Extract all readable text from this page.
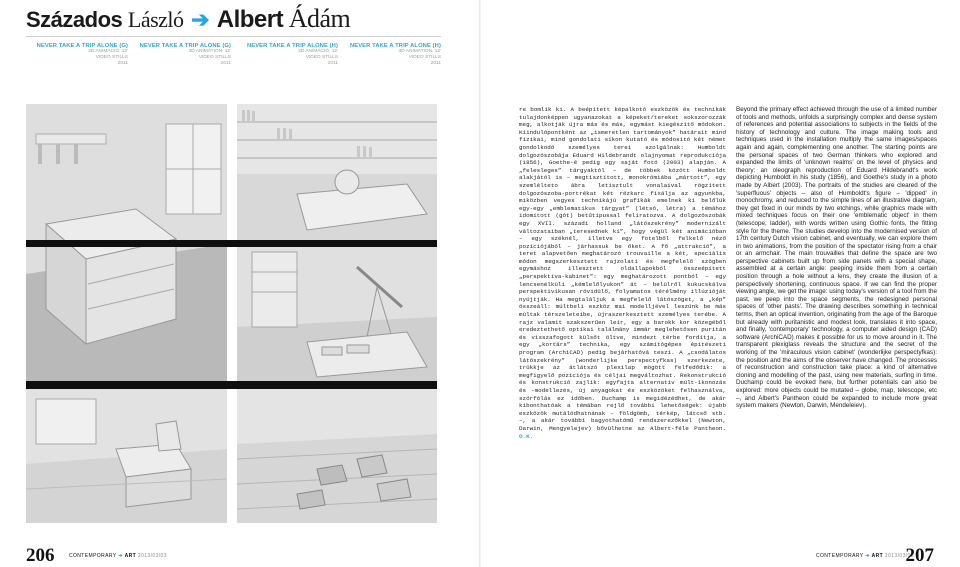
Százados László ➔ Albert Ádám
NEVER TAKE A TRIP ALONE (G)
3D ANIMÁCIÓ, 12'
VIDEO STILLS
2011
NEVER TAKE A TRIP ALONE (G)
3D ANIMATION, 12'
VIDEO STILLS
2011
NEVER TAKE A TRIP ALONE (H)
3D ANIMÁCIÓ, 12'
VIDEO STILLS
2011
NEVER TAKE A TRIP ALONE (H)
3D ANIMATION, 12'
VIDEO STILLS
2011

re bomlik ki. A beépített képalkotó eszközök és technikák tulajdonképpen ugyanazokat a képeket/tereket sokszorozzák meg, alkotják újra más és más, egymást kiegészítő módokon. Kiindulópontként az „ismeretlen tartományok” határait mind fizikai, mind gondolati síkon kutató és módosító két német gondolkodó személyes terei szolgálnak: Humboldt dolgozószobája Eduard Hildebrandt olajnyomat reprodukciója (1856), Goethe-é pedig egy saját fotó (2003) alapján. A „felesleges” tárgyaktól – de többek között Humboldt alakjától is – megtisztított, monokrómiába „mártott”, egy szemlélteto ábra letisztult vonalaival rögzített dolgozószoba-portrékat két rézkarc fixálja az agyunkba, miközben vegyes technikájú grafikák emelnek ki belőlük egy-egy „emblematikus tárgyat” (létsó, létra) a témához idomított (gót) betűtípussal feliratozva. A dolgozószobák egy XVII. századi holland „látószekrény” modernizált változataiban „teresednek ki”, hogy végül két animációban – egy széknél, illetve egy fotelből felkelő néző pozíciójából – járhassuk be őket. A fő „attrakció”, a teret alapvetően meghatározó trouvaille a két, speciális módon megszerkesztett rajzolati és megfelelő szögben egymáshoz illesztett oldallapokból összeépített „perspektíva-kabinet”: egy meghatározott pontból – egy lencsenélküli „kémlelőlyukon” át – belülről kukucskálva perspektivikusan rövidülő, folyamatos térélmény illúzióját nyújtják. Ha megtaláljuk a megfelelő látószöget, a „kép” összeáll: múltbeli eszköz mai modelljével leszünk be más múltak térszeleteibe, újraszerkesztett személyes terébe. A rajz valamit szakszerűen leír, egy a barokk kor közegéből eredeztethető optikai találmány immár meglehetősen puritán és visszafogott külsőt öltve, mindezt térbe fordítja, a egy „kortárs” technika, egy számítógépes építészeti program (ArchiCAD) pedig bejárhatóvá teszi. A „csodálatos látószekrény” (wonderlijke perspectyfkas) szerkezete, trükkje az átlátszó plexilap mögött felfedődik: a megfigyelő pozíciója és céljai megváltozhat. Rekonstrukció és konstrukció zajlik: egyfajta alternatív múlt-ikonozás és -modellezés, új anyagokat és eszközöket felhasználva, szórfólás ez időben. Duchamp is megidézédhet, de akár kibonthatóak a témában rejlő további lehetőségek: újabb eszközök mutálódhatnának – földgömb, térkép, látcső stb. –, a akár további bagyothatómű rendszerezőkkel (Newton, Darwin, Mengyelejev) bővülhetne az Albert-féle Pantheon. O.K.

Beyond the primary effect achieved through the use of a limited number of tools and methods, unfolds a surprisingly complex and dense system of references and potential associations to subjects in the fields of the history of technology and culture. The image making tools and techniques used in the installation multiply the same images/spaces again and again, complementing one another. The starting points are the personal spaces of two German thinkers who explored and expanded the limits of 'unknown realms' on the level of physics and theory: an oleograph reproduction of Eduard Hildebrandt's work depicting Humboldt in his study (1856), and Goethe's study in a photo made by Albert (2003). The portraits of the studies are cleared of the 'superfluous' objects – also of Humboldt's figure – 'dipped' in monochromy, and reduced to the simple lines of an illustrative diagram, they get fixed in our minds by two etchings, while graphics made with mixed techniques focus on their one 'emblematic object' in them (telescope, ladder), with words written using Gothic fonts, the fitting style for the theme. The studies develop into the modernised version of 17th century Dutch vision cabinet, and eventually, we can explore them in two animations, from the position of the spectator rising from a chair or an armchair. The main trouvailles that define the space are two perspective cabinets built up from side panels with a special shape, assembled at a certain angle: peeping inside them from a certain position through a hole without a lens, they create the illusion of a perspectively shortening, continuous space. If we can find the proper viewing angle, we get the image: using today's version of a tool from the past, we peep into the space segments, the redesigned personal spaces of 'other pasts'. The drawing describes something in technical terms, then an optical invention, originating from the age of the Baroque but already with puritanistic and modest look, translates it into space, and finally, 'contemporary' technology, a computer aided design (CAD) software (ArchiCAD) makes it possible for us to move around in it. The transparent plexiglass reveals the structure and the secret of the working of the 'miraculous vision cabinet' (wonderlijke perspectyfkas): the position and the aims of the observer have changed. The processes of reconstruction and construction take place: a kind of alternative cloning and modelling of the past, using new materials, surfing in time. Duchamp could be evoked here, but further potentials can also be explored: more objects could be mutated – globe, map, telescope, etc –, and Albert's Pantheon could be expanded to include more great system makers (Newton, Darwin, Mendeleiev).

206	CONTEMPORARY ➔ ART 2013/03/03	CONTEMPORARY ➔ ART 2013/03/03
207
